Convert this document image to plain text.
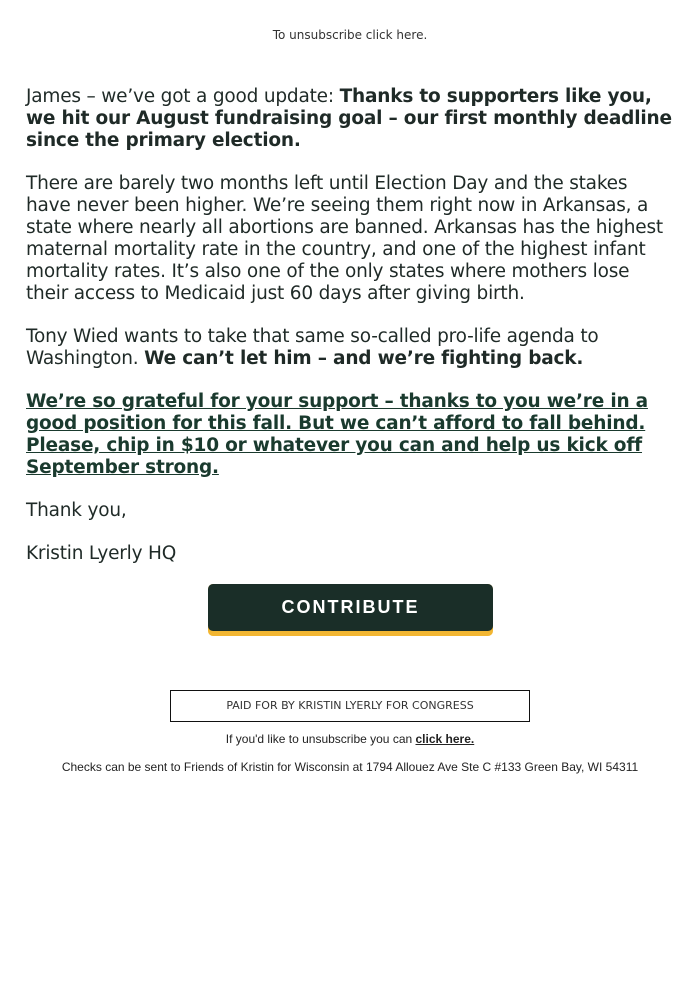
To unsubscribe click here.

James – we’ve got a good update: Thanks to supporters like you, we hit our August fundraising goal – our first monthly deadline since the primary election.

There are barely two months left until Election Day and the stakes have never been higher. We’re seeing them right now in Arkansas, a state where nearly all abortions are banned. Arkansas has the highest maternal mortality rate in the country, and one of the highest infant mortality rates. It’s also one of the only states where mothers lose their access to Medicaid just 60 days after giving birth.

Tony Wied wants to take that same so-called pro-life agenda to Washington. We can’t let him – and we’re fighting back.

We’re so grateful for your support – thanks to you we’re in a good position for this fall. But we can’t afford to fall behind. Please, chip in $10 or whatever you can and help us kick off September strong.

Thank you,

Kristin Lyerly HQ

CONTRIBUTE
PAID FOR BY KRISTIN LYERLY FOR CONGRESS
If you'd like to unsubscribe you can click here.
Checks can be sent to Friends of Kristin for Wisconsin at 1794 Allouez Ave Ste C #133 Green Bay, WI 54311
